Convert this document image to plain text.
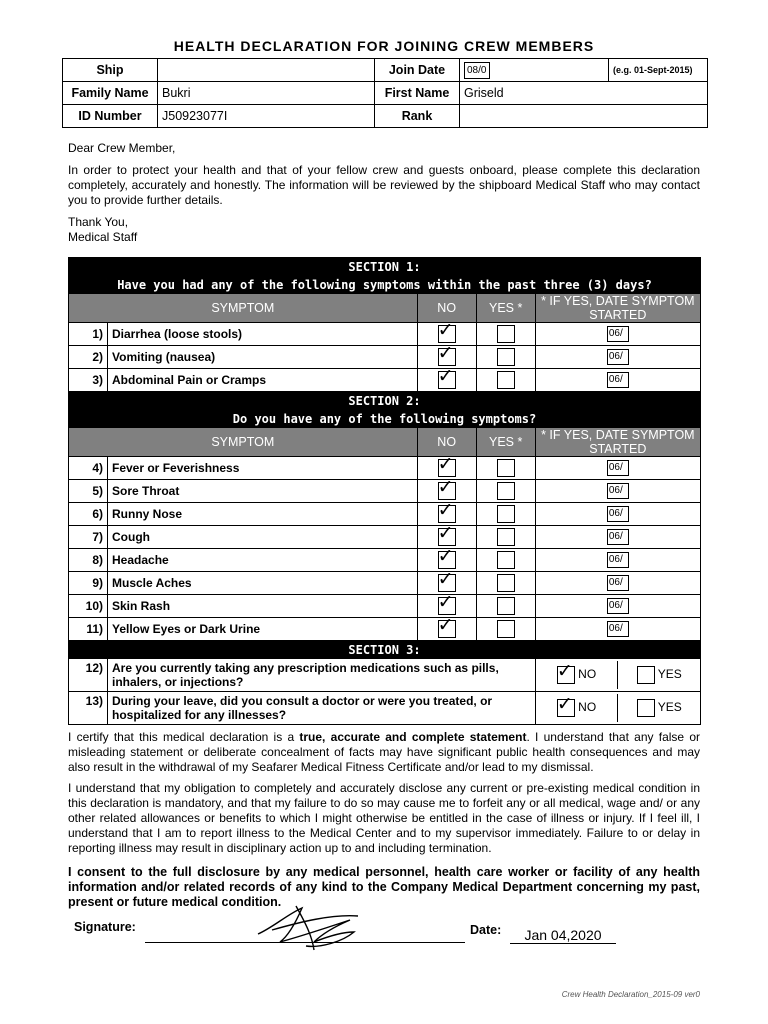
HEALTH DECLARATION FOR JOINING CREW MEMBERS
Ship		Join Date	08/0	(e.g. 01-Sept-2015)
Family Name	Bukri	First Name	Griseld	
ID Number	J50923077I	Rank		
Dear Crew Member,
In order to protect your health and that of your fellow crew and guests onboard, please complete this declaration completely, accurately and honestly. The information will be reviewed by the shipboard Medical Staff who may contact you to provide further details.
Thank You,
Medical Staff
SECTION 1:
Have you had any of the following symptoms within the past three (3) days?
SYMPTOM	NO	YES *	* IF YES, DATE SYMPTOM STARTED
1)	Diarrhea (loose stools)	✓		06/
2)	Vomiting (nausea)	✓		06/
3)	Abdominal Pain or Cramps	✓		06/
SECTION 2:
Do you have any of the following symptoms?
SYMPTOM	NO	YES *	* IF YES, DATE SYMPTOM STARTED
4)	Fever or Feverishness	✓		06/
5)	Sore Throat	✓		06/
6)	Runny Nose	✓		06/
7)	Cough	✓		06/
8)	Headache	✓		06/
9)	Muscle Aches	✓		06/
10)	Skin Rash	✓		06/
11)	Yellow Eyes or Dark Urine	✓		06/
SECTION 3:
12)	Are you currently taking any prescription medications such as pills, inhalers, or injections?		✓ NO	YES

13)	During your leave, did you consult a doctor or were you treated, or hospitalized for any illnesses?		✓ NO	YES
I certify that this medical declaration is a true, accurate and complete statement. I understand that any false or misleading statement or deliberate concealment of facts may have significant public health consequences and may also result in the withdrawal of my Seafarer Medical Fitness Certificate and/or lead to my dismissal.
I understand that my obligation to completely and accurately disclose any current or pre-existing medical condition in this declaration is mandatory, and that my failure to do so may cause me to forfeit any or all medical, wage and/ or any other related allowances or benefits to which I might otherwise be entitled in the case of illness or injury. If I feel ill, I understand that I am to report illness to the Medical Center and to my supervisor immediately. Failure to or delay in reporting illness may result in disciplinary action up to and including termination.
I consent to the full disclosure by any medical personnel, health care worker or facility of any health information and/or related records of any kind to the Company Medical Department concerning my past, present or future medical condition.
Signature:	Date:	Jan 04,2020
Crew Health Declaration_2015-09 ver0
